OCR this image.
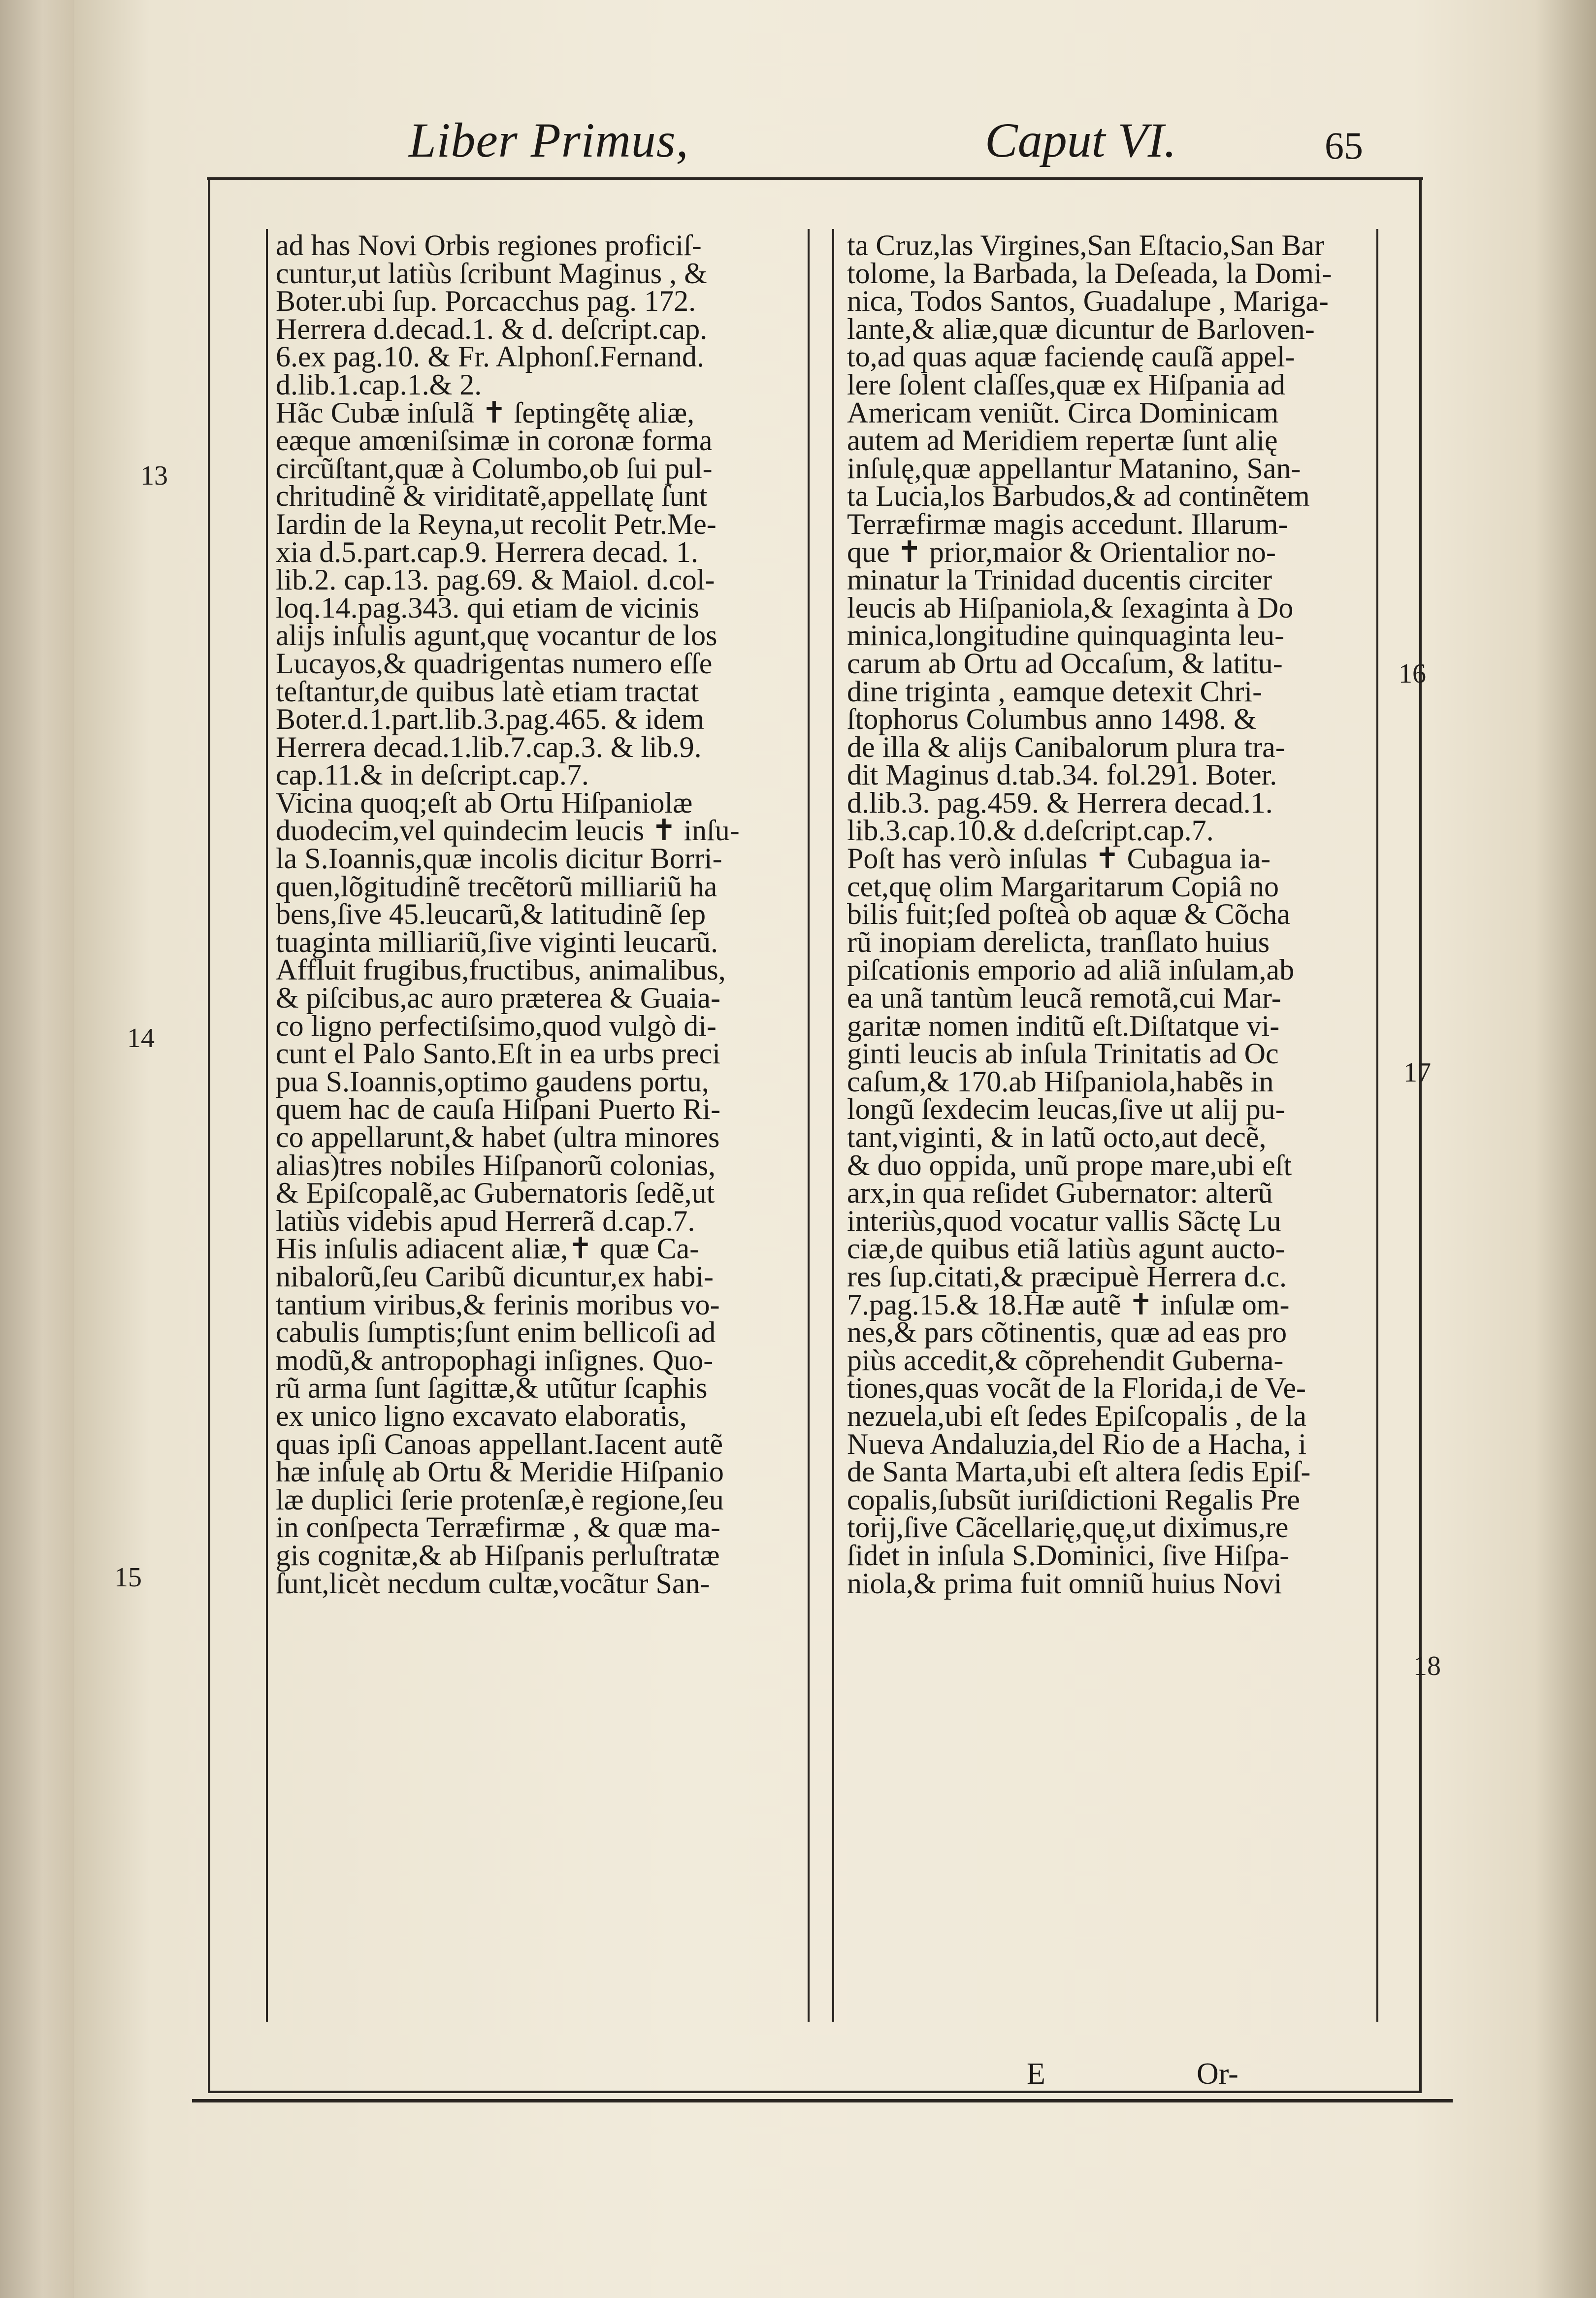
Liber Primus,	Caput VI.	65
ad has Novi Orbis regiones proficiſ-
cuntur,ut latiùs ſcribunt Maginus , &
Boter.ubi ſup. Porcacchus pag. 172.
Herrera d.decad.1. & d. deſcript.cap.
6.ex pag.10. & Fr. Alphonſ.Fernand.
d.lib.1.cap.1.& 2.
Hãc Cubæ inſulã ✝ ſeptingẽtę aliæ,
eæque amœniſsimæ in coronæ forma
circũſtant,quæ à Columbo,ob ſui pul-
chritudinẽ & viriditatẽ,appellatę ſunt
Iardin de la Reyna,ut recolit Petr.Me-
xia d.5.part.cap.9. Herrera decad. 1.
lib.2. cap.13. pag.69. & Maiol. d.col-
loq.14.pag.343. qui etiam de vicinis
alijs inſulis agunt,quę vocantur de los
Lucayos,& quadrigentas numero eſſe
teſtantur,de quibus latè etiam tractat
Boter.d.1.part.lib.3.pag.465. & idem
Herrera decad.1.lib.7.cap.3. & lib.9.
cap.11.& in deſcript.cap.7.
Vicina quoq;eſt ab Ortu Hiſpaniolæ
duodecim,vel quindecim leucis ✝ inſu-
la S.Ioannis,quæ incolis dicitur Borri-
quen,lõgitudinẽ trecẽtorũ milliariũ ha
bens,ſive 45.leucarũ,& latitudinẽ ſep
tuaginta milliariũ,ſive viginti leucarũ.
Affluit frugibus,fructibus, animalibus,
& piſcibus,ac auro præterea & Guaia-
co ligno perfectiſsimo,quod vulgò di-
cunt el Palo Santo.Eſt in ea urbs preci
pua S.Ioannis,optimo gaudens portu,
quem hac de cauſa Hiſpani Puerto Ri-
co appellarunt,& habet (ultra minores
alias)tres nobiles Hiſpanorũ colonias,
& Epiſcopalẽ,ac Gubernatoris ſedẽ,ut
latiùs videbis apud Herrerã d.cap.7.
His inſulis adiacent aliæ,✝ quæ Ca-
nibalorũ,ſeu Caribũ dicuntur,ex habi-
tantium viribus,& ferinis moribus vo-
cabulis ſumptis;ſunt enim bellicoſi ad
modũ,& antropophagi inſignes. Quo-
rũ arma ſunt ſagittæ,& utũtur ſcaphis
ex unico ligno excavato elaboratis,
quas ipſi Canoas appellant.Iacent autẽ
hæ inſulę ab Ortu & Meridie Hiſpanio
læ duplici ſerie protenſæ,è regione,ſeu
in conſpecta Terræfirmæ , & quæ ma-
gis cognitæ,& ab Hiſpanis perluſtratæ
ſunt,licèt necdum cultæ,vocãtur San-
ta Cruz,las Virgines,San Eſtacio,San Bar
tolome, la Barbada, la Deſeada, la Domi-
nica, Todos Santos, Guadalupe , Mariga-
lante,& aliæ,quæ dicuntur de Barloven-
to,ad quas aquæ faciendę cauſã appel-
lere ſolent claſſes,quæ ex Hiſpania ad
Americam veniũt. Circa Dominicam
autem ad Meridiem repertæ ſunt alię
inſulę,quæ appellantur Matanino, San-
ta Lucia,los Barbudos,& ad continẽtem
Terræfirmæ magis accedunt. Illarum-
que ✝ prior,maior & Orientalior no-
minatur la Trinidad ducentis circiter
leucis ab Hiſpaniola,& ſexaginta à Do
minica,longitudine quinquaginta leu-
carum ab Ortu ad Occaſum, & latitu-
dine triginta , eamque detexit Chri-
ſtophorus Columbus anno 1498. &
de illa & alijs Canibalorum plura tra-
dit Maginus d.tab.34. fol.291. Boter.
d.lib.3. pag.459. & Herrera decad.1.
lib.3.cap.10.& d.deſcript.cap.7.
Poſt has verò inſulas ✝ Cubagua ia-
cet,quę olim Margaritarum Copiâ no
bilis fuit;ſed poſteà ob aquæ & Cõcha
rũ inopiam derelicta, tranſlato huius
piſcationis emporio ad aliã inſulam,ab
ea unã tantùm leucã remotã,cui Mar-
garitæ nomen inditũ eſt.Diſtatque vi-
ginti leucis ab inſula Trinitatis ad Oc
caſum,& 170.ab Hiſpaniola,habẽs in
longũ ſexdecim leucas,ſive ut alij pu-
tant,viginti, & in latũ octo,aut decẽ,
& duo oppida, unũ prope mare,ubi eſt
arx,in qua reſidet Gubernator: alterũ
interiùs,quod vocatur vallis Sãctę Lu
ciæ,de quibus etiã latiùs agunt aucto-
res ſup.citati,& præcipuè Herrera d.c.
7.pag.15.& 18.Hæ autẽ ✝ inſulæ om-
nes,& pars cõtinentis, quæ ad eas pro
piùs accedit,& cõprehendit Guberna-
tiones,quas vocãt de la Florida,i de Ve-
nezuela,ubi eſt ſedes Epiſcopalis , de la
Nueva Andaluzia,del Rio de a Hacha, i
de Santa Marta,ubi eſt altera ſedis Epiſ-
copalis,ſubsũt iuriſdictioni Regalis Pre
torij,ſive Cãcellarię,quę,ut diximus,re
ſidet in inſula S.Dominici, ſive Hiſpa-
niola,& prima fuit omniũ huius Novi
13
14
15
16
17
18
E	Or-
